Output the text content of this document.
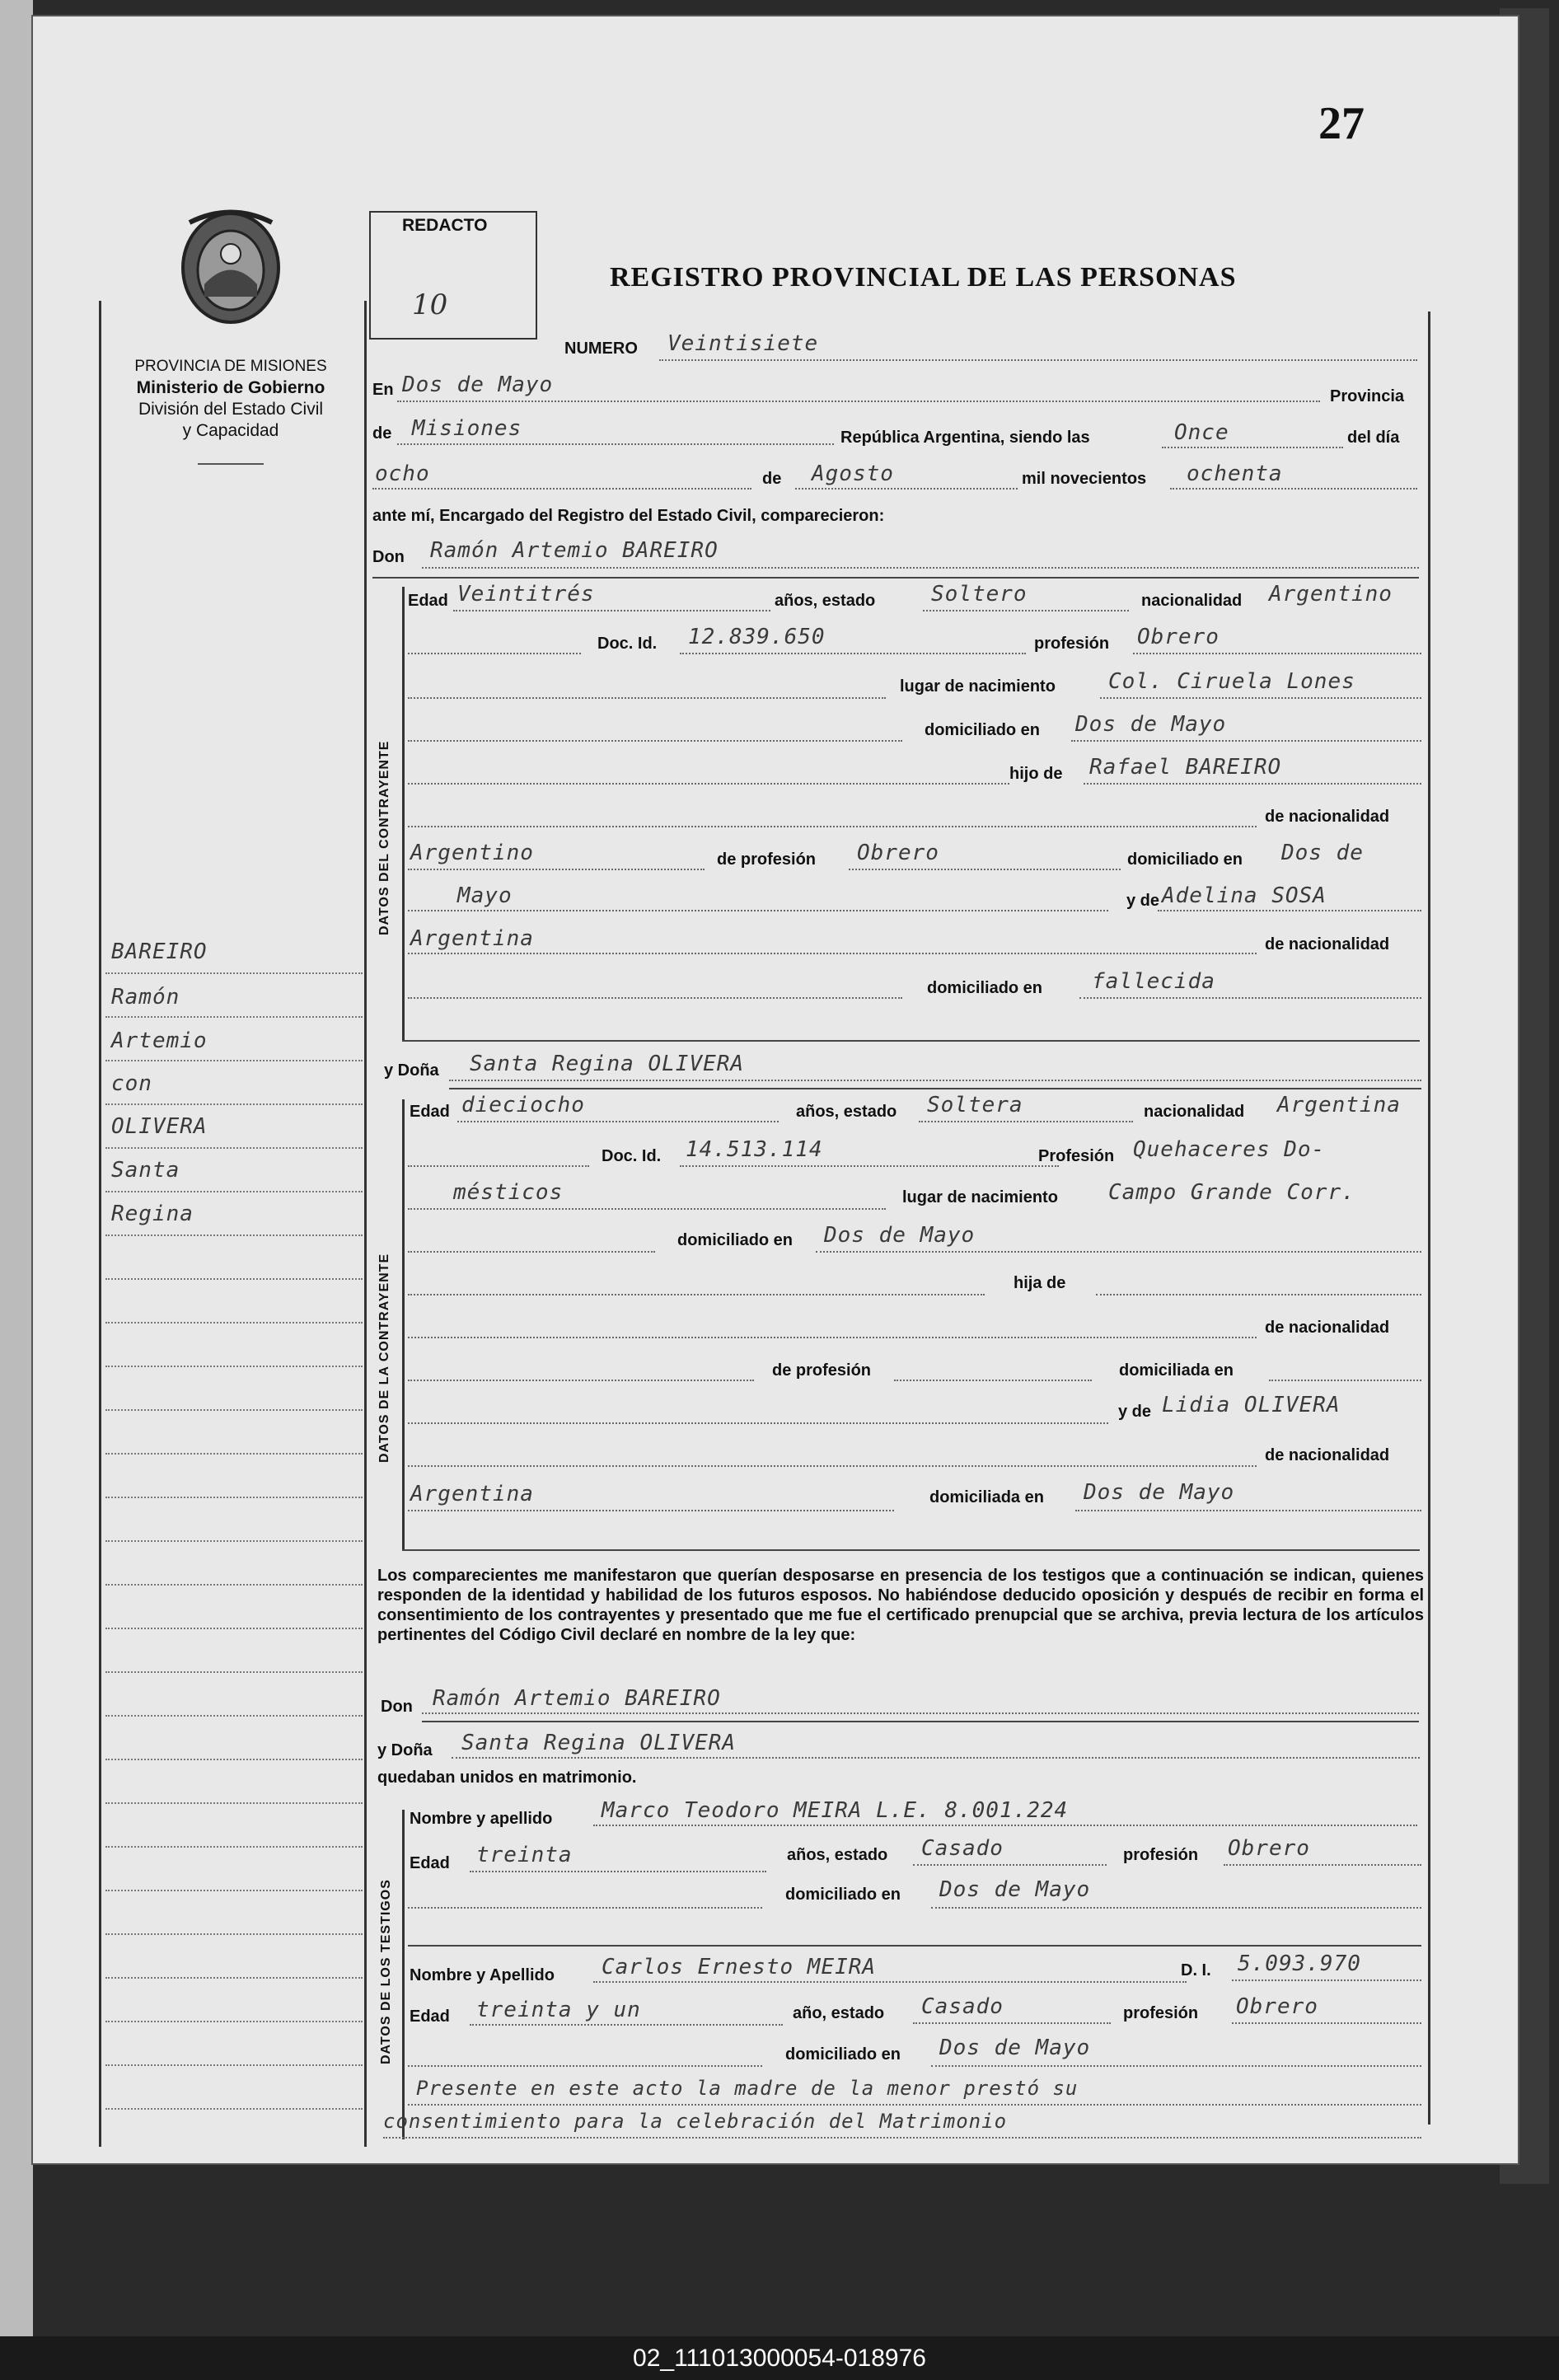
27
PROVINCIA DE MISIONES
Ministerio de Gobierno
División del Estado Civil
y Capacidad
REDACTO
10
REGISTRO PROVINCIAL DE LAS PERSONAS
BAREIRO
Ramón
Artemio
con
OLIVERA
Santa
Regina
NUMERO Veintisiete
En Dos de Mayo	Provincia
de Misiones	República Argentina, siendo las	Once	del día
ocho	de Agosto	mil novecientos ochenta
ante mí, Encargado del Registro del Estado Civil, comparecieron:
Don Ramón Artemio BAREIRO
DATOS DEL CONTRAYENTE
Edad Veintitrés	años, estado	Soltero	nacionalidad Argentino
Doc. Id. 12.839.650	profesión Obrero
lugar de nacimiento Col. Ciruela Lones
domiciliado en Dos de Mayo
hijo de Rafael BAREIRO
de nacionalidad
Argentino	de profesión Obrero	domiciliado en Dos de
Mayo	y de Adelina SOSA
Argentina	de nacionalidad
domiciliado en fallecida
y Doña Santa Regina OLIVERA
DATOS DE LA CONTRAYENTE
Edad dieciocho	años, estado Soltera	nacionalidad Argentina
Doc. Id. 14.513.114	Profesión Quehaceres Do-
mésticos	lugar de nacimiento Campo Grande Corr.
domiciliado en Dos de Mayo
hija de
de nacionalidad
de profesión	domiciliada en
y de Lidia OLIVERA
de nacionalidad
Argentina	domiciliada en Dos de Mayo
Los comparecientes me manifestaron que querían desposarse en presencia de los testigos que a continuación se indican, quienes responden de la identidad y habilidad de los futuros esposos. No habiéndose deducido oposición y después de recibir en forma el consentimiento de los contrayentes y presentado que me fue el certificado prenupcial que se archiva, previa lectura de los artículos pertinentes del Código Civil declaré en nombre de la ley que:
Don Ramón Artemio BAREIRO
y Doña Santa Regina OLIVERA
quedaban unidos en matrimonio.
DATOS DE LOS TESTIGOS
Nombre y apellido Marco Teodoro MEIRA L.E. 8.001.224
Edad treinta	años, estado Casado	profesión Obrero
domiciliado en Dos de Mayo
Nombre y Apellido Carlos Ernesto MEIRA	D. I. 5.093.970
Edad treinta y un	año, estado Casado	profesión Obrero
domiciliado en Dos de Mayo
Presente en este acto la madre de la menor prestó su
consentimiento para la celebración del Matrimonio
02_111013000054-018976
